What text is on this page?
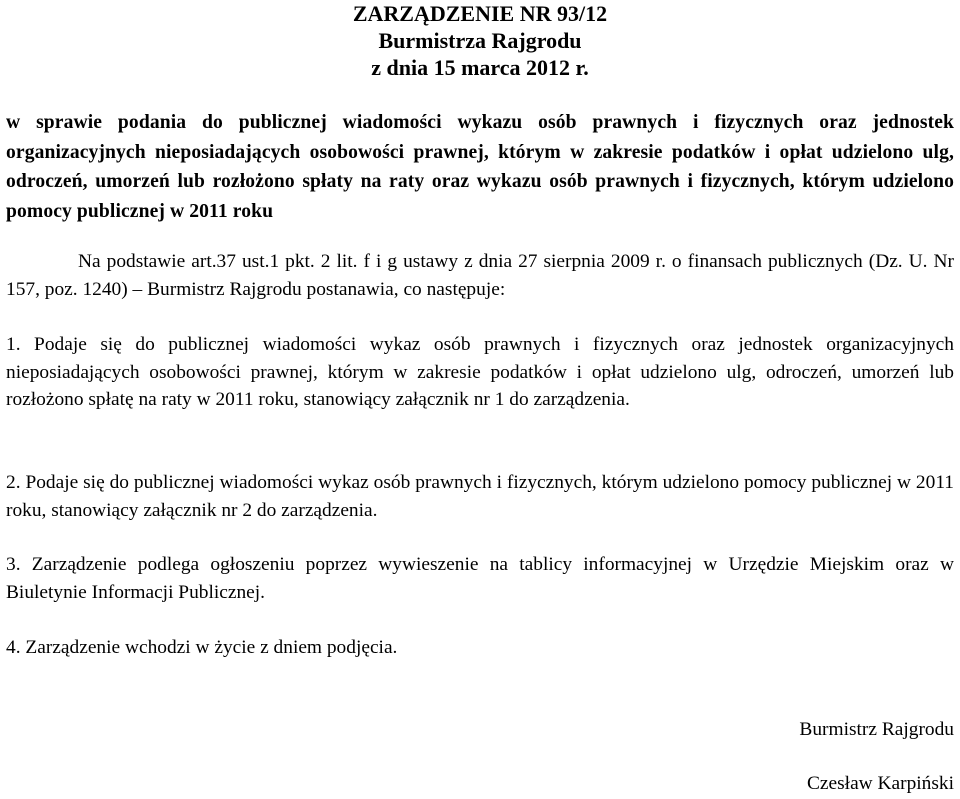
ZARZĄDZENIE NR 93/12
Burmistrza Rajgrodu
z dnia 15 marca 2012 r.
w sprawie podania do publicznej wiadomości wykazu osób prawnych i fizycznych oraz jednostek organizacyjnych nieposiadających osobowości prawnej, którym w zakresie podatków i opłat udzielono ulg, odroczeń, umorzeń lub rozłożono spłaty na raty oraz wykazu osób prawnych i fizycznych, którym udzielono pomocy publicznej w 2011 roku
Na podstawie art.37 ust.1 pkt. 2 lit. f i g ustawy z dnia 27 sierpnia 2009 r. o finansach publicznych (Dz. U. Nr 157, poz. 1240) – Burmistrz Rajgrodu postanawia, co następuje:
1. Podaje się do publicznej wiadomości wykaz osób prawnych i fizycznych oraz jednostek organizacyjnych nieposiadających osobowości prawnej, którym w zakresie podatków i opłat udzielono ulg, odroczeń, umorzeń lub rozłożono spłatę na raty w 2011 roku, stanowiący załącznik nr 1 do zarządzenia.
2. Podaje się do publicznej wiadomości wykaz osób prawnych i fizycznych, którym udzielono pomocy publicznej w 2011 roku, stanowiący załącznik nr 2 do zarządzenia.
3. Zarządzenie podlega ogłoszeniu poprzez wywieszenie na tablicy informacyjnej w Urzędzie Miejskim oraz w Biuletynie Informacji Publicznej.
4. Zarządzenie wchodzi w życie z dniem podjęcia.
Burmistrz Rajgrodu
Czesław Karpiński
